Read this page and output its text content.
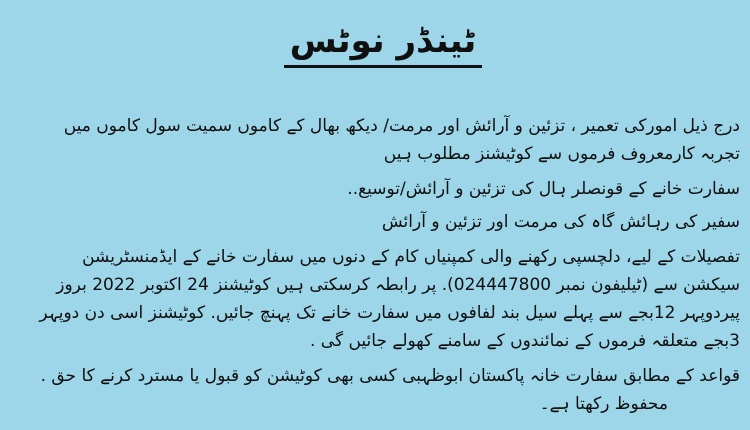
ٹینڈر نوٹس
درج ذیل امورکی تعمیر ، تزئین و آرائش اور مرمت/ دیکھ بھال کے کاموں سمیت سول کاموں میں
تجربہ کارمعروف فرموں سے کوٹیشنز مطلوب ہیں
سفارت خانے کے قونصلر ہال کی تزئین و آرائش/توسیع..
سفیر کی رہائش گاہ کی مرمت اور تزئین و آرائش
تفصیلات کے لیے، دلچسپی رکھنے والی کمپنیاں کام کے دنوں میں سفارت خانے کے ایڈمنسٹریشن
سیکشن سے (ٹیلیفون نمبر 024447800). پر رابطہ کرسکتی ہیں کوٹیشنز 24 اکتوبر 2022 بروز
پیردوپہر 12بجے سے پہلے سیل بند لفافوں میں سفارت خانے تک پہنچ جائیں. کوٹیشنز اسی دن دوپہر
3بجے متعلقہ فرموں کے نمائندوں کے سامنے کھولے جائیں گی .
قواعد کے مطابق سفارت خانہ پاکستان ابوظہبی کسی بھی کوٹیشن کو قبول یا مسترد کرنے کا حق .
محفوظ رکھتا ہے۔
